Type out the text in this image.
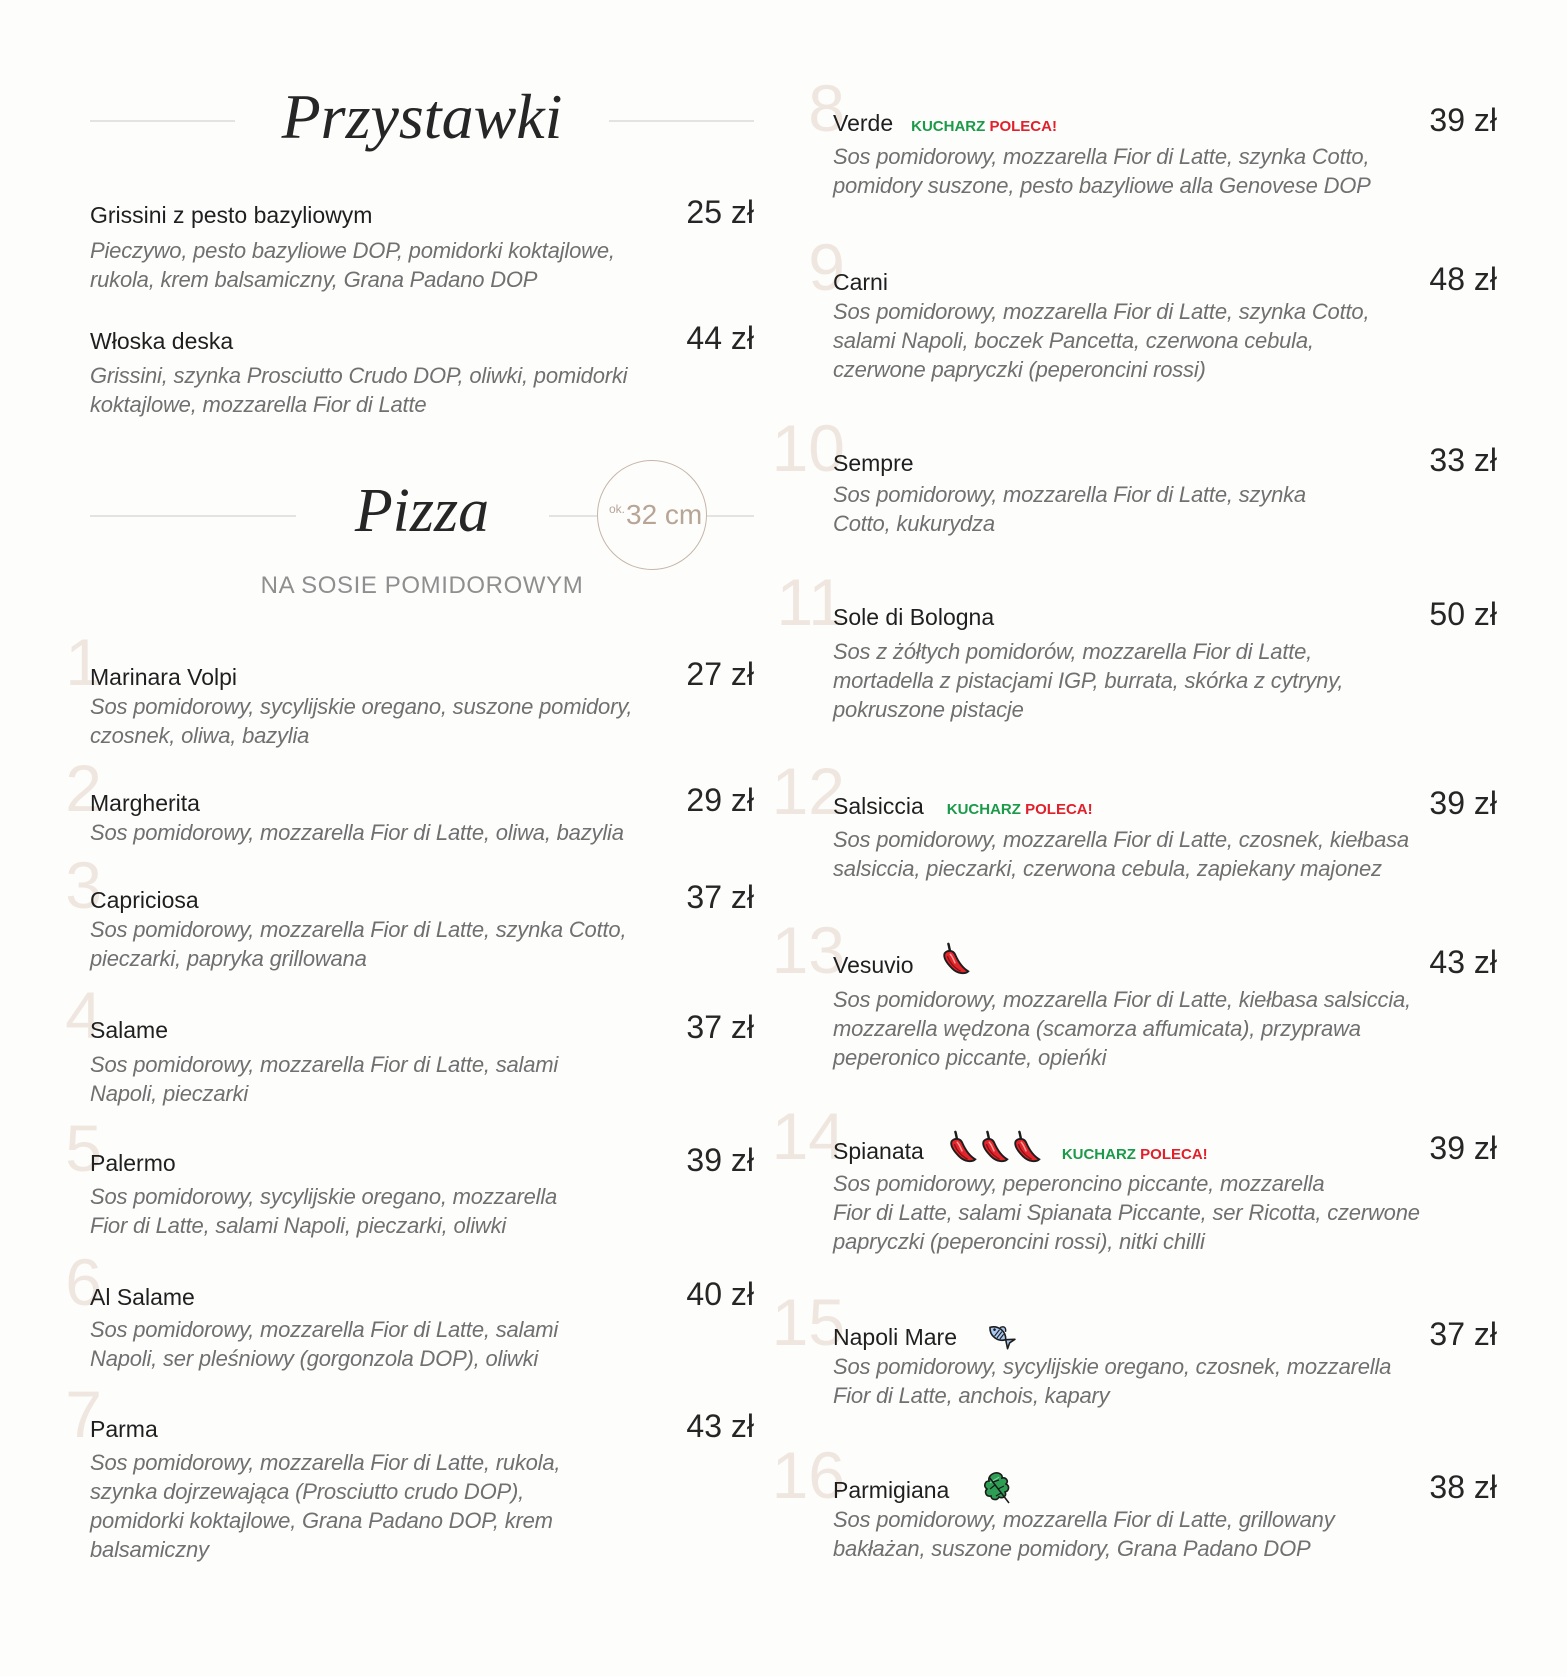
Przystawki
Grissini z pesto bazyliowym	25 zł
Pieczywo, pesto bazyliowe DOP, pomidorki koktajlowe,
rukola, krem balsamiczny, Grana Padano DOP
Włoska deska	44 zł
Grissini, szynka Prosciutto Crudo DOP, oliwki, pomidorki
koktajlowe, mozzarella Fior di Latte
Pizza	ok. 32 cm
NA SOSIE POMIDOROWYM
1
Marinara Volpi	27 zł
Sos pomidorowy, sycylijskie oregano, suszone pomidory,
czosnek, oliwa, bazylia
2
Margherita	29 zł
Sos pomidorowy, mozzarella Fior di Latte, oliwa, bazylia
3
Capriciosa	37 zł
Sos pomidorowy, mozzarella Fior di Latte, szynka Cotto,
pieczarki, papryka grillowana
4
Salame	37 zł
Sos pomidorowy, mozzarella Fior di Latte, salami
Napoli, pieczarki
5
Palermo	39 zł
Sos pomidorowy, sycylijskie oregano, mozzarella
Fior di Latte, salami Napoli, pieczarki, oliwki
6
Al Salame	40 zł
Sos pomidorowy, mozzarella Fior di Latte, salami
Napoli, ser pleśniowy (gorgonzola DOP), oliwki
7
Parma	43 zł
Sos pomidorowy, mozzarella Fior di Latte, rukola,
szynka dojrzewająca (Prosciutto crudo DOP),
pomidorki koktajlowe, Grana Padano DOP, krem
balsamiczny
8
Verde KUCHARZ POLECA!	39 zł
Sos pomidorowy, mozzarella Fior di Latte, szynka Cotto,
pomidory suszone, pesto bazyliowe alla Genovese DOP
9
Carni	48 zł
Sos pomidorowy, mozzarella Fior di Latte, szynka Cotto,
salami Napoli, boczek Pancetta, czerwona cebula,
czerwone papryczki (peperoncini rossi)
10
Sempre	33 zł
Sos pomidorowy, mozzarella Fior di Latte, szynka
Cotto, kukurydza
11
Sole di Bologna	50 zł
Sos z żółtych pomidorów, mozzarella Fior di Latte,
mortadella z pistacjami IGP, burrata, skórka z cytryny,
pokruszone pistacje
12
Salsiccia KUCHARZ POLECA!	39 zł
Sos pomidorowy, mozzarella Fior di Latte, czosnek, kiełbasa
salsiccia, pieczarki, czerwona cebula, zapiekany majonez
13
Vesuvio	43 zł
Sos pomidorowy, mozzarella Fior di Latte, kiełbasa salsiccia,
mozzarella wędzona (scamorza affumicata), przyprawa
peperonico piccante, opieńki
14
Spianata	KUCHARZ POLECA!	39 zł
Sos pomidorowy, peperoncino piccante, mozzarella
Fior di Latte, salami Spianata Piccante, ser Ricotta, czerwone
papryczki (peperoncini rossi), nitki chilli
15
Napoli Mare	37 zł
Sos pomidorowy, sycylijskie oregano, czosnek, mozzarella
Fior di Latte, anchois, kapary
16
Parmigiana	38 zł
Sos pomidorowy, mozzarella Fior di Latte, grillowany
bakłażan, suszone pomidory, Grana Padano DOP
